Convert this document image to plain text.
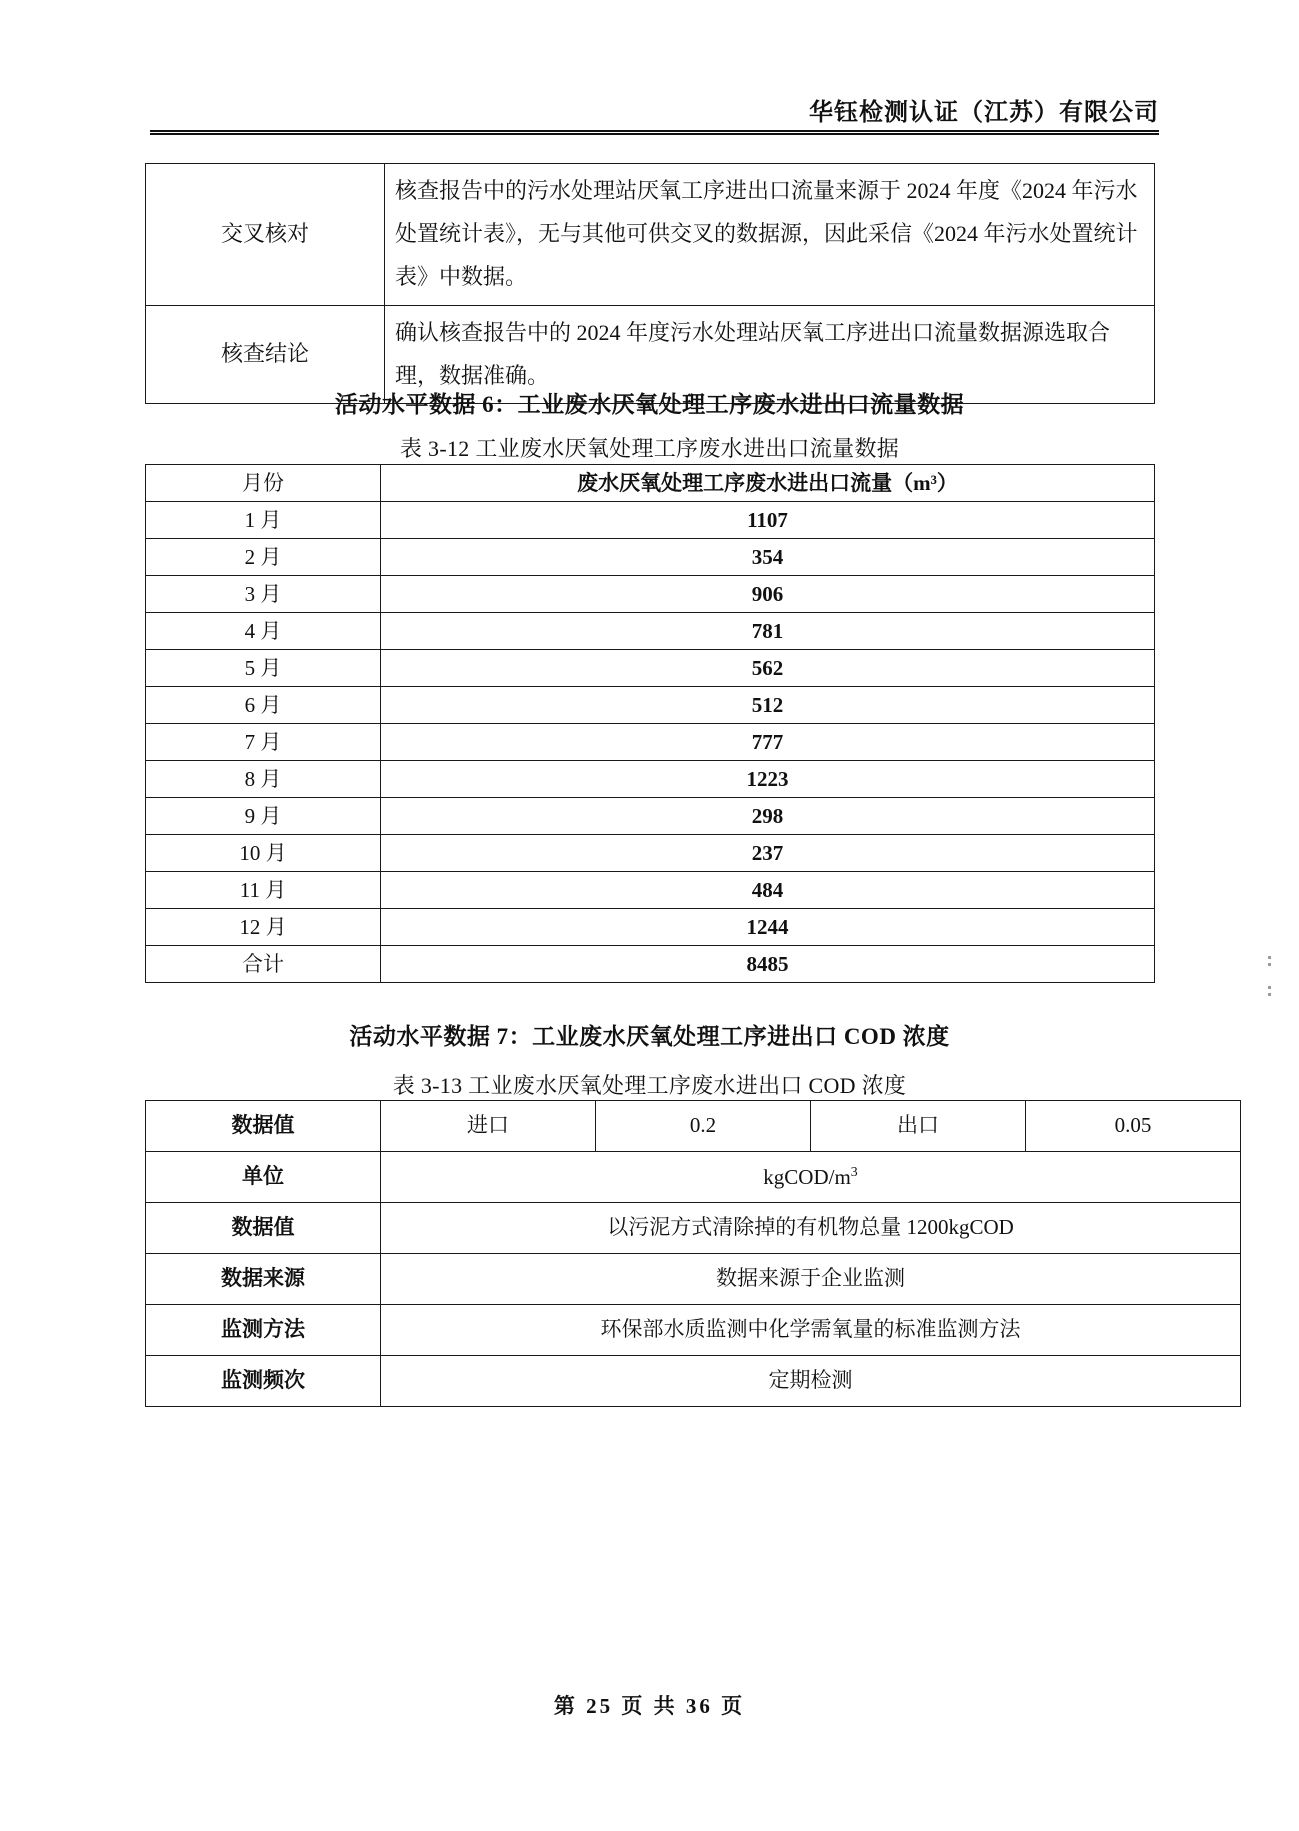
华钰检测认证（江苏）有限公司
交叉核对	核查报告中的污水处理站厌氧工序进出口流量来源于 2024 年度《2024 年污水处置统计表》，无与其他可供交叉的数据源，因此采信《2024 年污水处置统计表》中数据。
核查结论	确认核查报告中的 2024 年度污水处理站厌氧工序进出口流量数据源选取合理，数据准确。
活动水平数据 6：工业废水厌氧处理工序废水进出口流量数据
表 3-12 工业废水厌氧处理工序废水进出口流量数据
月份	废水厌氧处理工序废水进出口流量（m³）
1 月	1107
2 月	354
3 月	906
4 月	781
5 月	562
6 月	512
7 月	777
8 月	1223
9 月	298
10 月	237
11 月	484
12 月	1244
合计	8485
活动水平数据 7：工业废水厌氧处理工序进出口 COD 浓度
表 3-13 工业废水厌氧处理工序废水进出口 COD 浓度
数据值	进口	0.2	出口	0.05
单位	kgCOD/$m^3$
数据值	以污泥方式清除掉的有机物总量 1200kgCOD			
数据来源	数据来源于企业监测			
监测方法	环保部水质监测中化学需氧量的标准监测方法			
监测频次	定期检测			
第 25 页 共 36 页
